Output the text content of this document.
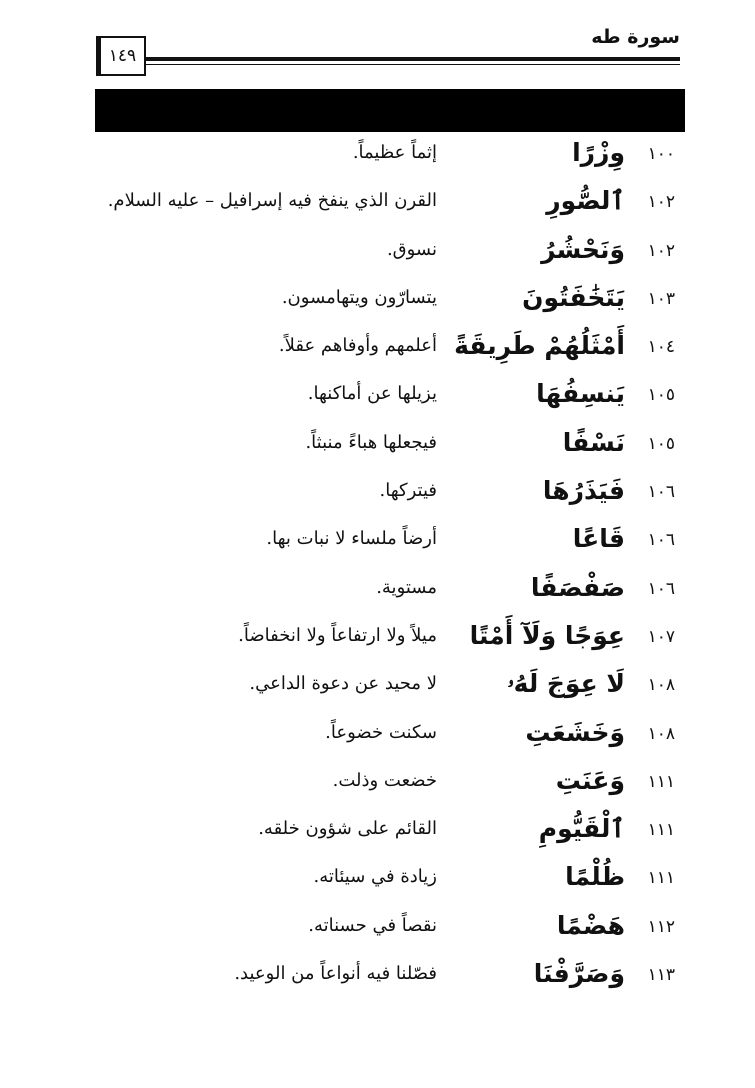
سورة طه
١٤٩
١٠٠
وِزْرًا
إثماً عظيماً.
١٠٢
ٱلصُّورِ
القرن الذي ينفخ فيه إسرافيل – عليه السلام.
١٠٢
وَنَحْشُرُ
نسوق.
١٠٣
يَتَخَٰفَتُونَ
يتسارّون ويتهامسون.
١٠٤
أَمْثَلُهُمْ طَرِيقَةً
أعلمهم وأوفاهم عقلاً.
١٠٥
يَنسِفُهَا
يزيلها عن أماكنها.
١٠٥
نَسْفًا
فيجعلها هباءً منبثاً.
١٠٦
فَيَذَرُهَا
فيتركها.
١٠٦
قَاعًا
أرضاً ملساء لا نبات بها.
١٠٦
صَفْصَفًا
مستوية.
١٠٧
عِوَجًا وَلَآ أَمْتًا
ميلاً ولا ارتفاعاً ولا انخفاضاً.
١٠٨
لَا عِوَجَ لَهُۥ
لا محيد عن دعوة الداعي.
١٠٨
وَخَشَعَتِ
سكنت خضوعاً.
١١١
وَعَنَتِ
خضعت وذلت.
١١١
ٱلْقَيُّومِ
القائم على شؤون خلقه.
١١١
ظُلْمًا
زيادة في سيئاته.
١١٢
هَضْمًا
نقصاً في حسناته.
١١٣
وَصَرَّفْنَا
فصّلنا فيه أنواعاً من الوعيد.
